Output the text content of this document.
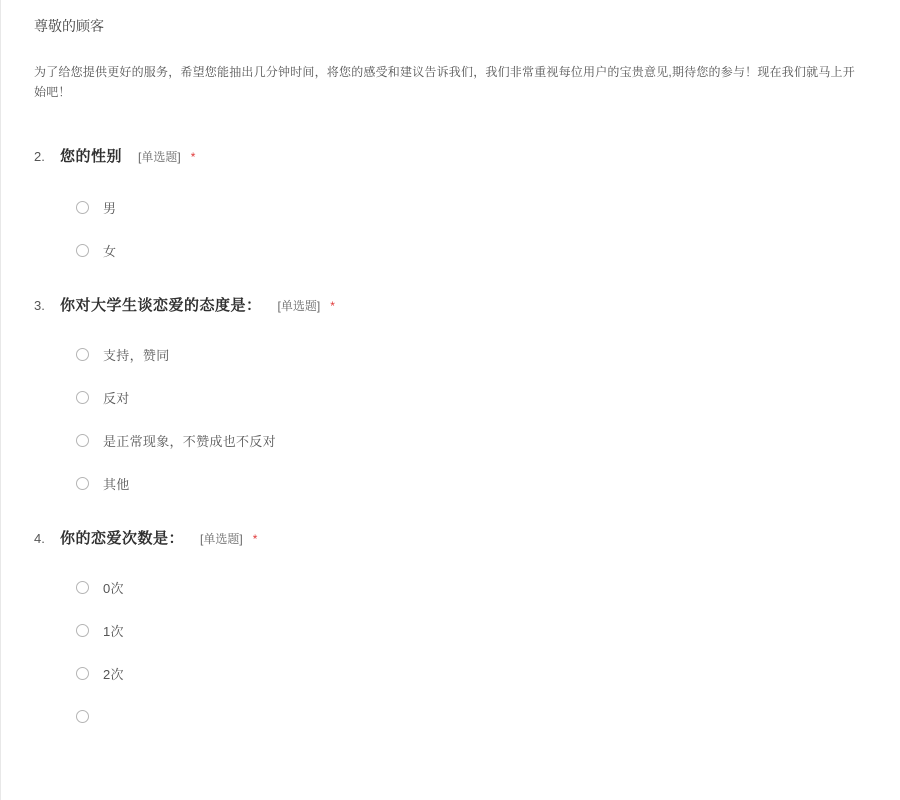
尊敬的顾客

为了给您提供更好的服务，希望您能抽出几分钟时间，将您的感受和建议告诉我们，我们非常重视每位用户的宝贵意见,期待您的参与！现在我们就马上开始吧！

2.	您的性别 [单选题] *
男
女
3.	你对大学生谈恋爱的态度是： [单选题] *
支持，赞同
反对
是正常现象，不赞成也不反对
其他
4.	你的恋爱次数是： [单选题] *
0次
1次
2次
